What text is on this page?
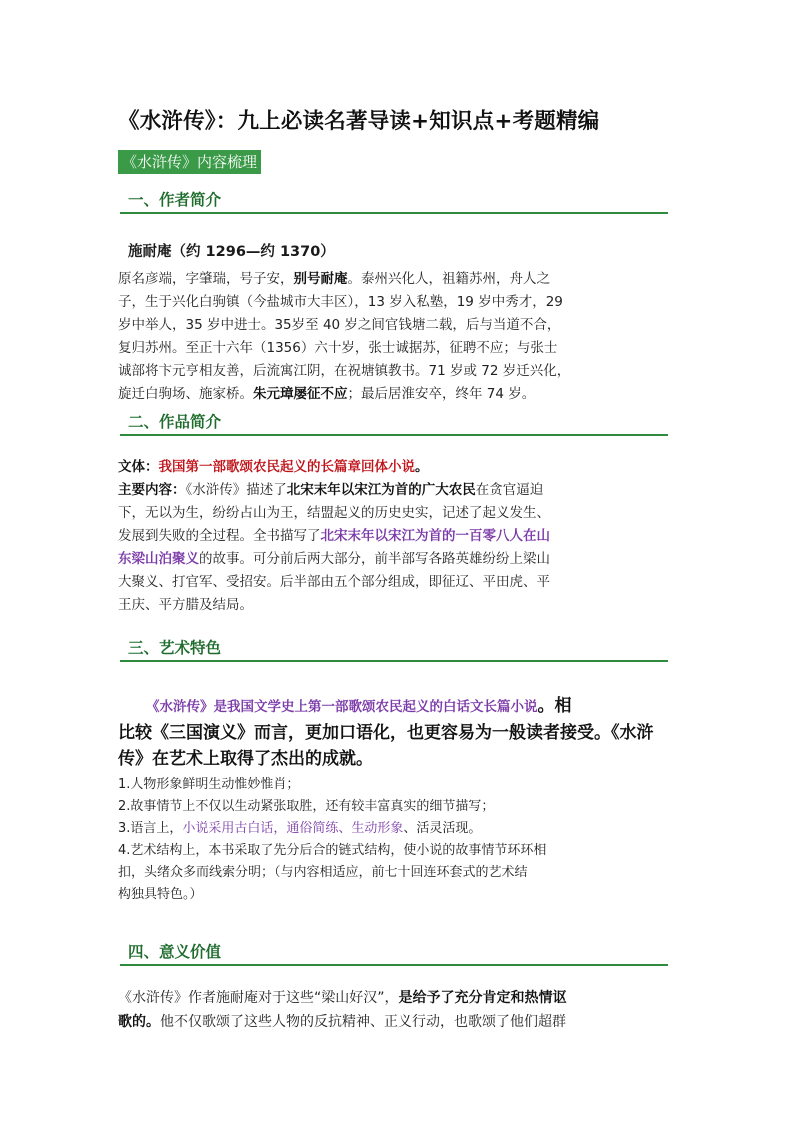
《水浒传》：九上必读名著导读+知识点+考题精编
《水浒传》内容梳理
一、作者简介
施耐庵（约 1296—约 1370）
原名彦端，字肇瑞，号子安，别号耐庵。泰州兴化人，祖籍苏州，舟人之
子，生于兴化白驹镇（今盐城市大丰区），13 岁入私塾，19 岁中秀才，29
岁中举人，35 岁中进士。35岁至 40 岁之间官钱塘二载，后与当道不合，
复归苏州。至正十六年（1356）六十岁，张士诚据苏，征聘不应；与张士
诚部将卞元亨相友善，后流寓江阴，在祝塘镇教书。71 岁或 72 岁迁兴化，
旋迁白驹场、施家桥。朱元璋屡征不应；最后居淮安卒，终年 74 岁。
二、作品简介
文体：我国第一部歌颂农民起义的长篇章回体小说。
主要内容：《水浒传》描述了北宋末年以宋江为首的广大农民在贪官逼迫
下，无以为生，纷纷占山为王，结盟起义的历史史实，记述了起义发生、
发展到失败的全过程。全书描写了北宋末年以宋江为首的一百零八人在山
东梁山泊聚义的故事。可分前后两大部分，前半部写各路英雄纷纷上梁山
大聚义、打官军、受招安。后半部由五个部分组成，即征辽、平田虎、平
王庆、平方腊及结局。
三、艺术特色
《水浒传》是我国文学史上第一部歌颂农民起义的白话文长篇小说。相
比较《三国演义》而言，更加口语化，也更容易为一般读者接受。《水浒
传》在艺术上取得了杰出的成就。
1.人物形象鲜明生动惟妙惟肖；
2.故事情节上不仅以生动紧张取胜，还有较丰富真实的细节描写；
3.语言上，小说采用古白话，通俗简练、生动形象、活灵活现。
4.艺术结构上，本书采取了先分后合的链式结构，使小说的故事情节环环相
扣，头绪众多而线索分明；（与内容相适应，前七十回连环套式的艺术结
构独具特色。）
四、意义价值
《水浒传》作者施耐庵对于这些“梁山好汉”，是给予了充分肯定和热情讴
歌的。他不仅歌颂了这些人物的反抗精神、正义行动，也歌颂了他们超群
